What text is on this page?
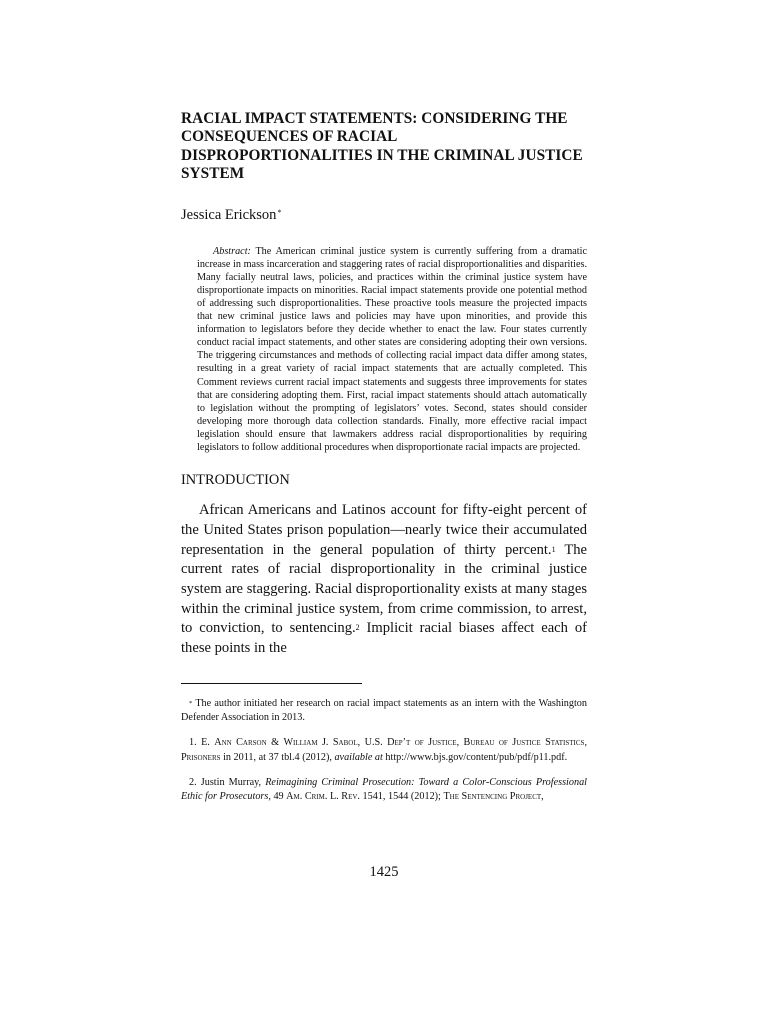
RACIAL IMPACT STATEMENTS: CONSIDERING THE
CONSEQUENCES OF RACIAL
DISPROPORTIONALITIES IN THE CRIMINAL JUSTICE
SYSTEM
Jessica Erickson*

Abstract: The American criminal justice system is currently suffering from a dramatic increase in mass incarceration and staggering rates of racial disproportionalities and disparities. Many facially neutral laws, policies, and practices within the criminal justice system have disproportionate impacts on minorities. Racial impact statements provide one potential method of addressing such disproportionalities. These proactive tools measure the projected impacts that new criminal justice laws and policies may have upon minorities, and provide this information to legislators before they decide whether to enact the law. Four states currently conduct racial impact statements, and other states are considering adopting their own versions. The triggering circumstances and methods of collecting racial impact data differ among states, resulting in a great variety of racial impact statements that are actually completed. This Comment reviews current racial impact statements and suggests three improvements for states that are considering adopting them. First, racial impact statements should attach automatically to legislation without the prompting of legislators’ votes. Second, states should consider developing more thorough data collection standards. Finally, more effective racial impact legislation should ensure that lawmakers address racial disproportionalities by requiring legislators to follow additional procedures when disproportionate racial impacts are projected.

INTRODUCTION

African Americans and Latinos account for fifty-eight percent of the United States prison population—nearly twice their accumulated representation in the general population of thirty percent.$^1$ The current rates of racial disproportionality in the criminal justice system are staggering. Racial disproportionality exists at many stages within the criminal justice system, from crime commission, to arrest, to conviction, to sentencing.$^2$ Implicit racial biases affect each of these points in the

* The author initiated her research on racial impact statements as an intern with the Washington Defender Association in 2013.

1. E. Ann Carson & William J. Sabol, U.S. Dep’t of Justice, Bureau of Justice Statistics, Prisoners in 2011, at 37 tbl.4 (2012), available at http://www.bjs.gov/content/pub/pdf/p11.pdf.

2. Justin Murray, Reimagining Criminal Prosecution: Toward a Color-Conscious Professional Ethic for Prosecutors, 49 Am. Crim. L. Rev. 1541, 1544 (2012); The Sentencing Project,

1425
